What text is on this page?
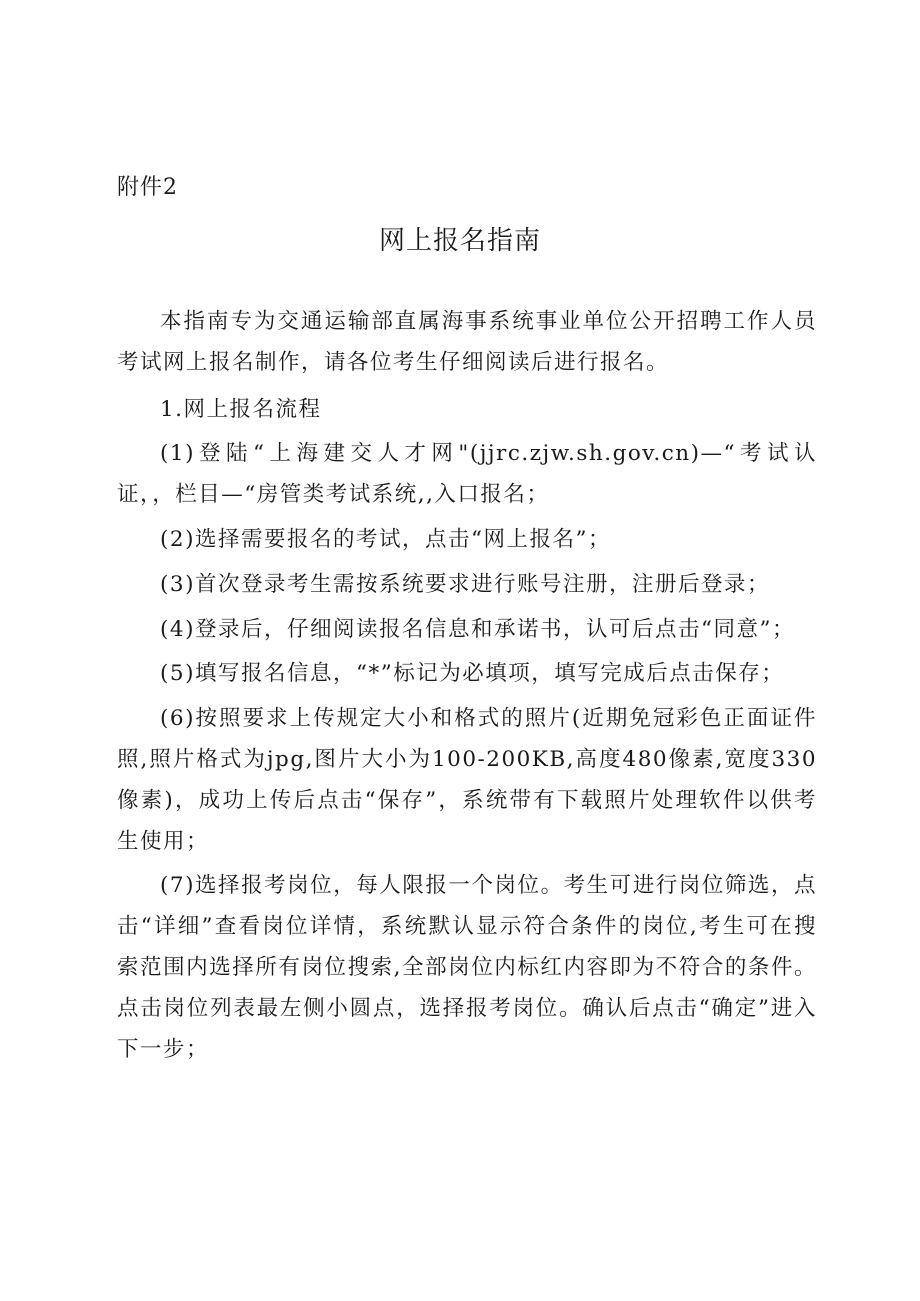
附件2
网上报名指南

本指南专为交通运输部直属海事系统事业单位公开招聘工作人员考试网上报名制作，请各位考生仔细阅读后进行报名。

1.网上报名流程

(1)登陆“上海建交人才网"(jjrc.zjw.sh.gov.cn)—“考试认证，，栏目—“房管类考试系统,,入口报名；

(2)选择需要报名的考试，点击“网上报名”；

(3)首次登录考生需按系统要求进行账号注册，注册后登录；

(4)登录后，仔细阅读报名信息和承诺书，认可后点击“同意”；

(5)填写报名信息，“*”标记为必填项，填写完成后点击保存；

(6)按照要求上传规定大小和格式的照片(近期免冠彩色正面证件照,照片格式为jpg,图片大小为100-200KB,高度480像素,宽度330像素)，成功上传后点击“保存”，系统带有下载照片处理软件以供考生使用；

(7)选择报考岗位，每人限报一个岗位。考生可进行岗位筛选，点击“详细”查看岗位详情，系统默认显示符合条件的岗位,考生可在搜索范围内选择所有岗位搜索,全部岗位内标红内容即为不符合的条件。点击岗位列表最左侧小圆点，选择报考岗位。确认后点击“确定”进入下一步；
